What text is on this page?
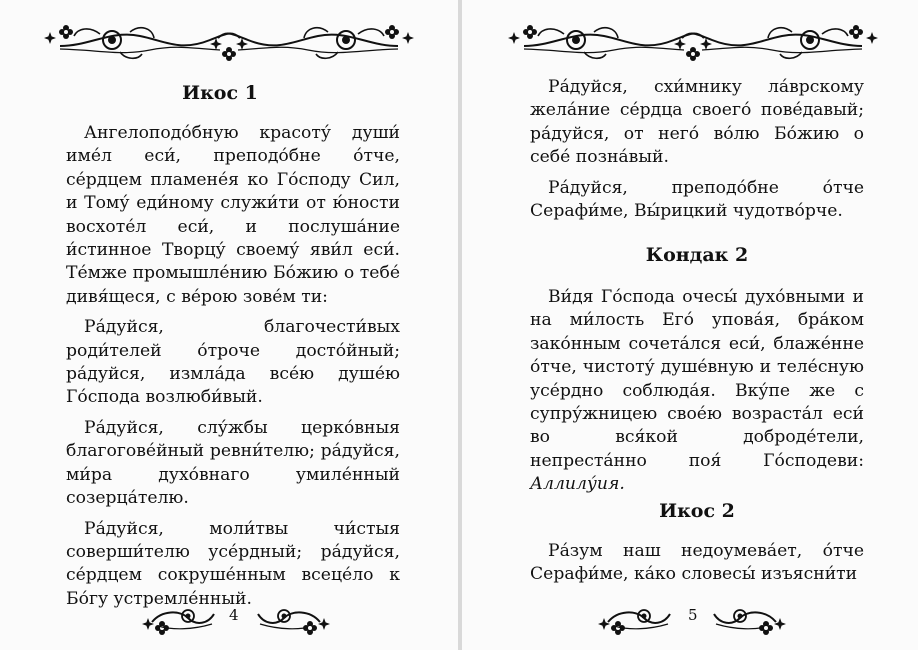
Икос 1

Ангелоподо́бную красоту́ души́ име́л еси́, преподо́бне о́тче, се́рдцем пламене́я ко Го́споду Сил, и Тому́ еди́ному служи́ти от ю́ности восхоте́л еси́, и послуша́ние и́стинное Творцу́ своему́ яви́л еси́. Те́мже промышле́нию Бо́жию о тебе́ дивя́щеся, с ве́рою зове́м ти:

Ра́дуйся, благочести́вых роди́телей о́троче досто́йный; ра́дуйся, измла́да все́ю душе́ю Го́спода возлюби́вый.

Ра́дуйся, слу́жбы церко́вныя благогове́йный ревни́телю; ра́дуйся, ми́ра духо́внаго умиле́нный созерца́телю.

Ра́дуйся, моли́твы чи́стыя соверши́телю усе́рдный; ра́дуйся, се́рдцем сокруше́нным всеце́ло к Бо́гу устремле́нный.

4

Ра́дуйся, схи́мнику ла́врскому жела́ние се́рдца своего́ пове́давый; ра́дуйся, от него́ во́лю Бо́жию о себе́ позна́вый.

Ра́дуйся, преподо́бне о́тче Серафи́ме, Вы́рицкий чудотво́рче.

Кондак 2

Ви́дя Го́спода очесы́ духо́вными и на ми́лость Его́ упова́я, бра́ком зако́нным сочета́лся еси́, блаже́нне о́тче, чистоту́ душе́вную и теле́сную усе́рдно соблюда́я. Вку́пе же с супру́жницею свое́ю возраста́л еси́ во вся́кой доброде́тели, непреста́нно поя́ Го́сподеви: Аллилу́ия.

Икос 2

Ра́зум наш недоумева́ет, о́тче Серафи́ме, ка́ко словесы́ изъясни́ти

5
